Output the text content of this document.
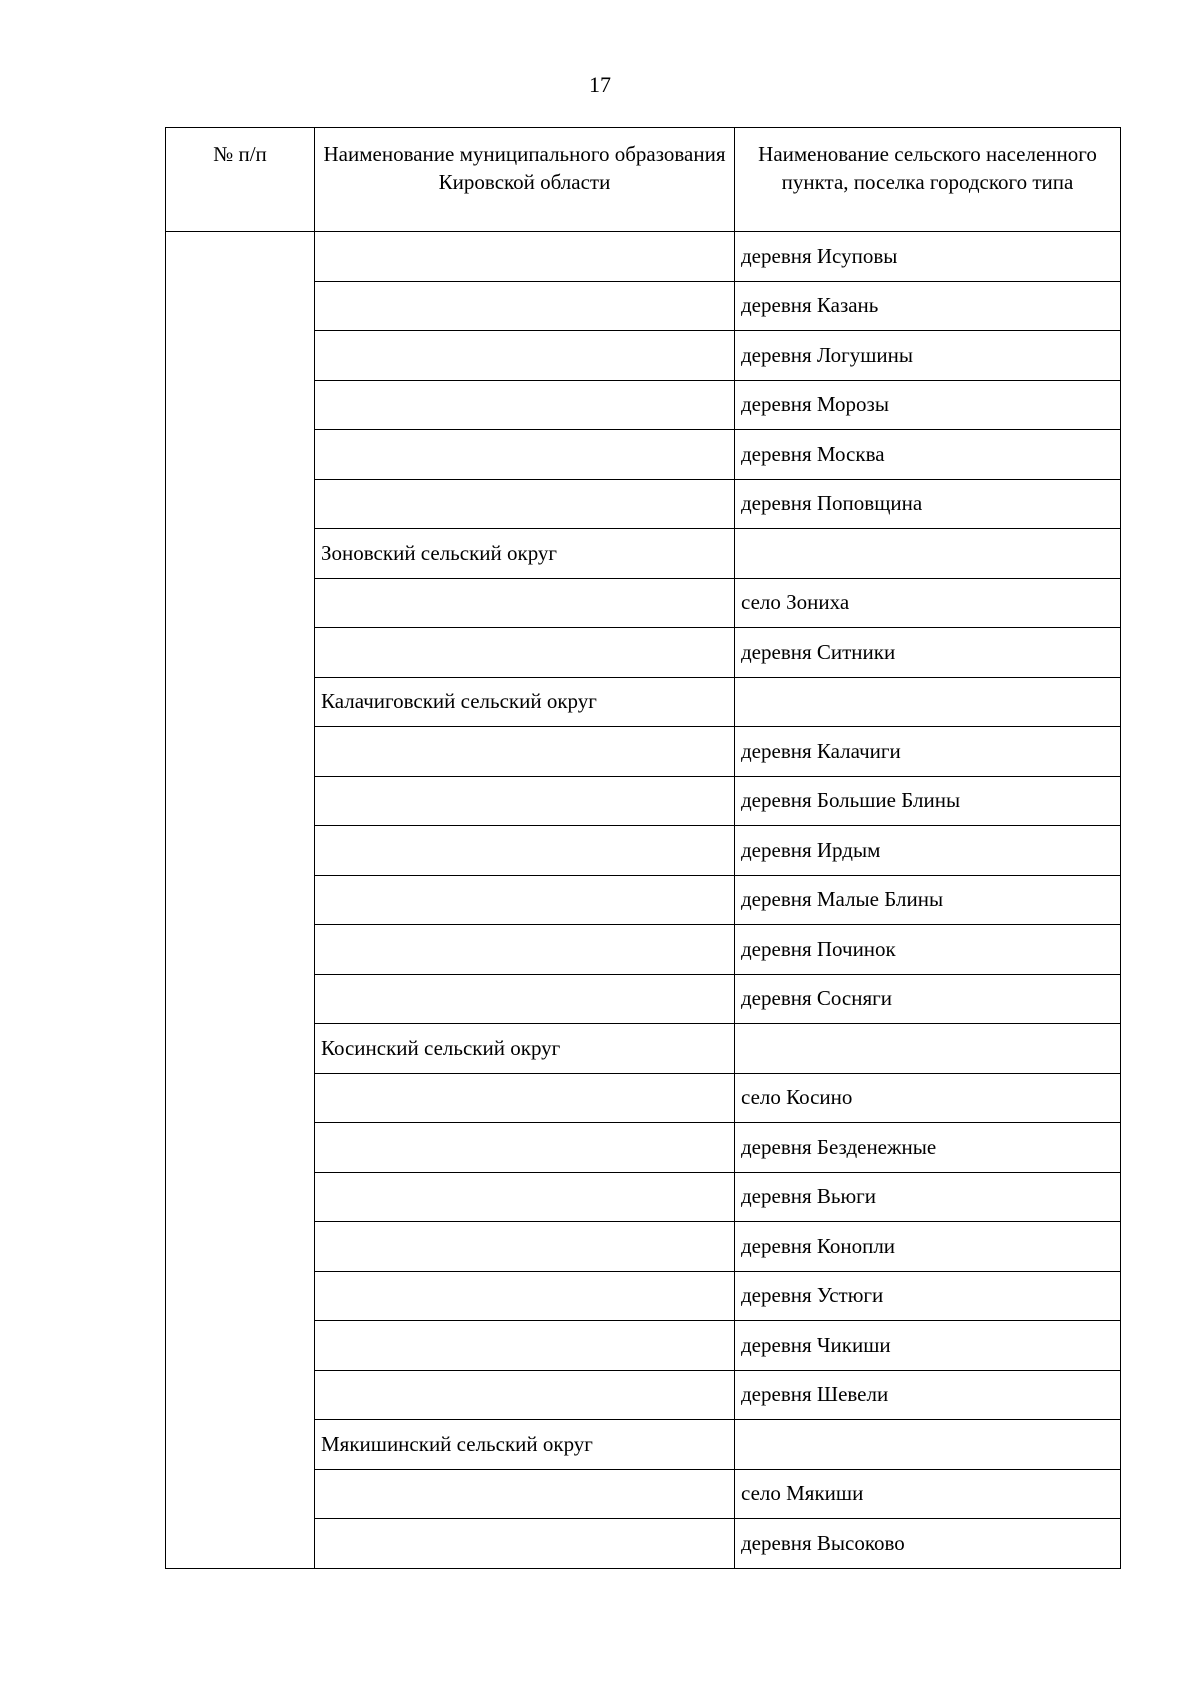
17
№ п/п	Наименование муниципального образования Кировской области	Наименование сельского населенного пункта, поселка городского типа
		деревня Исуповы
		деревня Казань
		деревня Логушины
		деревня Морозы
		деревня Москва
		деревня Поповщина
	Зоновский сельский округ	
		село Зониха
		деревня Ситники
	Калачиговский сельский округ	
		деревня Калачиги
		деревня Большие Блины
		деревня Ирдым
		деревня Малые Блины
		деревня Починок
		деревня Сосняги
	Косинский сельский округ	
		село Косино
		деревня Безденежные
		деревня Вьюги
		деревня Конопли
		деревня Устюги
		деревня Чикиши
		деревня Шевели
	Мякишинский сельский округ	
		село Мякиши
		деревня Высоково
